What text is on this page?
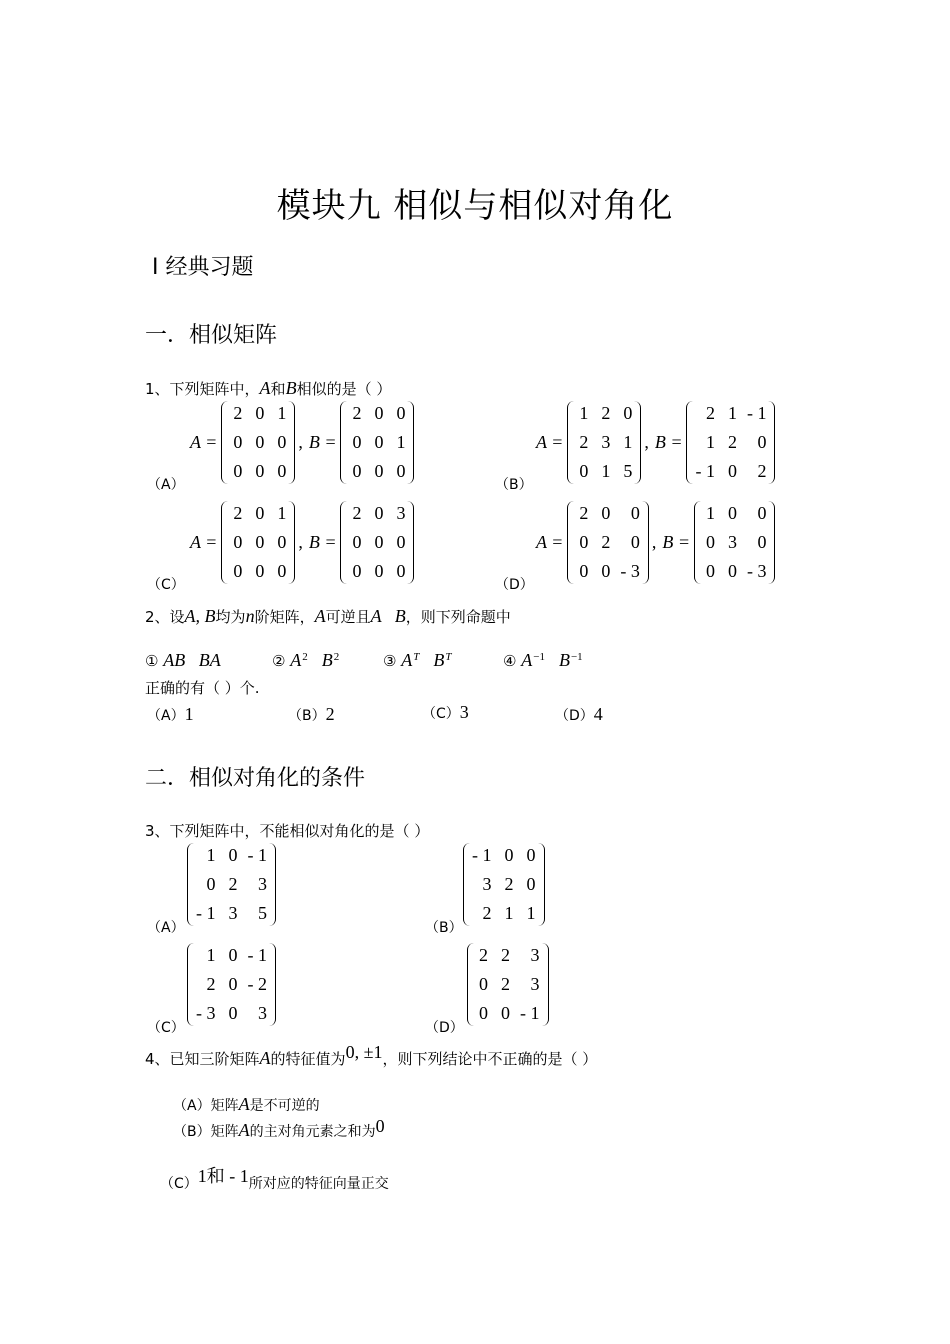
模块九 相似与相似对角化
Ⅰ 经典习题
一．相似矩阵
1、下列矩阵中，A和B相似的是（ ）
（A）
A =
2 0 1
0 0 0
0 0 0
, B =
2 0 0
0 0 1
0 0 0
（B）
A =
1 2 0
2 3 1
0 1 5
, B =
2 1 - 1
1 2	0
- 1 0	2
（C）
A =
2 0 1
0 0 0
0 0 0
, B =
2 0 3
0 0 0
0 0 0
（D）
A =
2 0	0
0 2	0
0 0 - 3
, B =
1 0	0
0 3	0
0 0 - 3
2、设A, B均为n阶矩阵，A可逆且A   B，则下列命题中
① AB   BA	② $A^2$ $B^2$	③ $A^T$ $B^T$	④ $A^{-1}$ $B^{-1}$
正确的有（ ）个.
（A）1	（B）2	（C）3	（D）4
二．相似对角化的条件
3、下列矩阵中，不能相似对角化的是（ ）
（A）
1 0 - 1
0 2	3
- 1 3	5
（B）
- 1 0 0
3 2 0
2 1 1
（C）
1 0 - 1
2 0 - 2
- 3 0	3
（D）
2 2	3
0 2	3
0 0 - 1
4、已知三阶矩阵A的特征值为0, ±1，则下列结论中不正确的是（ ）
（A）矩阵A是不可逆的
（B）矩阵A的主对角元素之和为0
（C）1和 - 1所对应的特征向量正交
